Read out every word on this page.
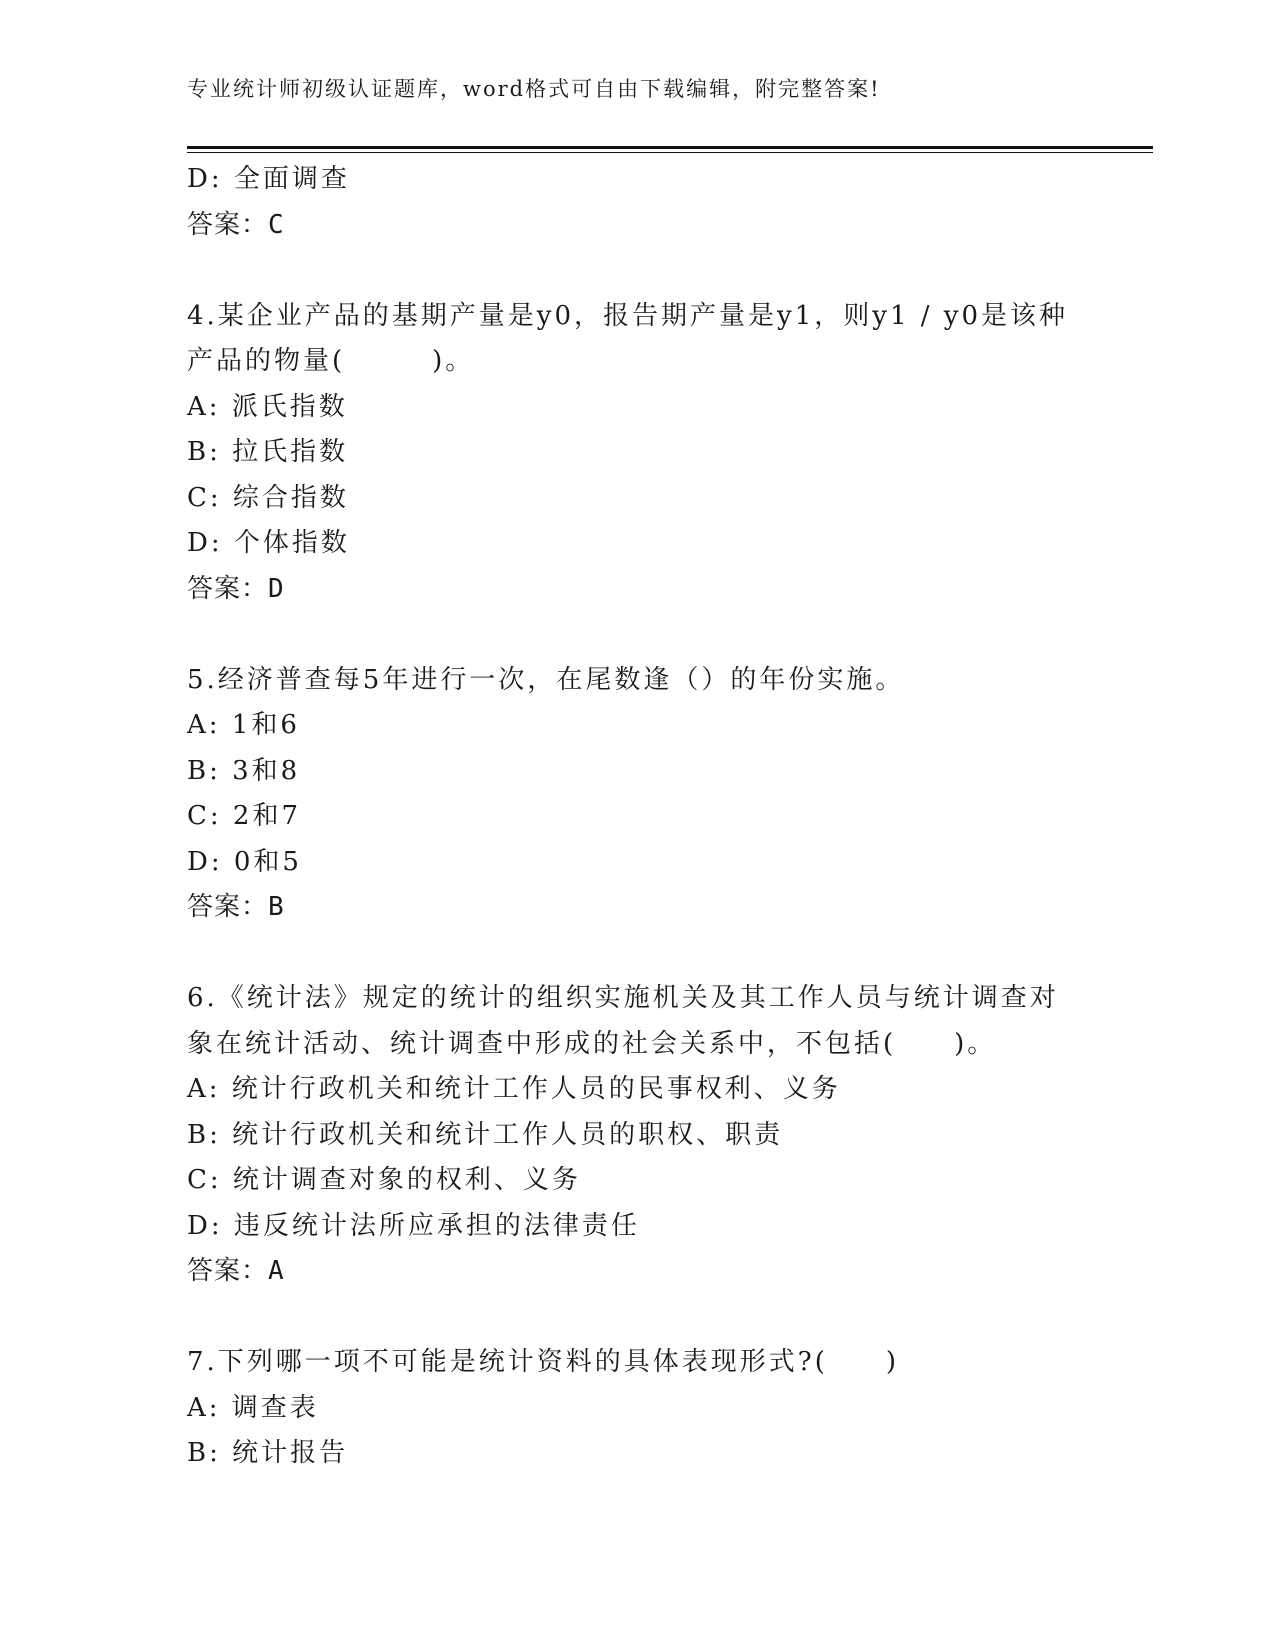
专业统计师初级认证题库，word格式可自由下载编辑，附完整答案!
D: 全面调查
答案：C
4.某企业产品的基期产量是y0，报告期产量是y1，则y1 / y0是该种
产品的物量(　　　)。
A: 派氏指数
B: 拉氏指数
C: 综合指数
D: 个体指数
答案：D
5.经济普查每5年进行一次，在尾数逢（）的年份实施。
A: 1和6
B: 3和8
C: 2和7
D: 0和5
答案：B
6.《统计法》规定的统计的组织实施机关及其工作人员与统计调查对
象在统计活动、统计调查中形成的社会关系中，不包括(　　)。
A: 统计行政机关和统计工作人员的民事权利、义务
B: 统计行政机关和统计工作人员的职权、职责
C: 统计调查对象的权利、义务
D: 违反统计法所应承担的法律责任
答案：A
7.下列哪一项不可能是统计资料的具体表现形式?(　　)
A: 调查表
B: 统计报告
